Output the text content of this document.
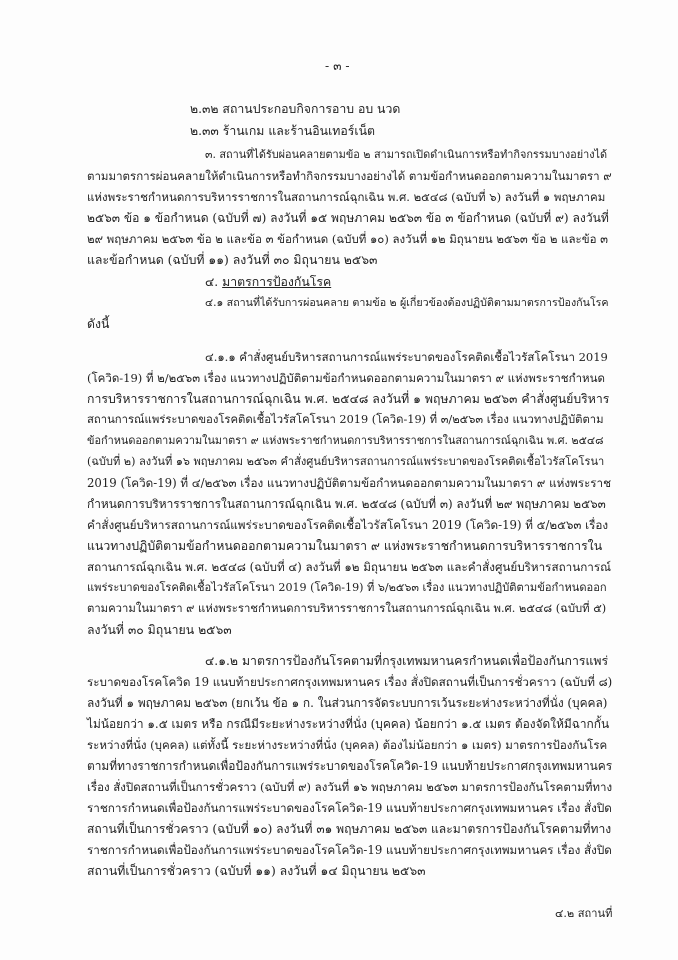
- ๓ -
๒.๓๒ สถานประกอบกิจการอาบ อบ นวด
๒.๓๓ ร้านเกม และร้านอินเทอร์เน็ต
๓. สถานที่ได้รับผ่อนคลายตามข้อ ๒ สามารถเปิดดำเนินการหรือทำกิจกรรมบางอย่างได้
ตามมาตรการผ่อนคลายให้ดำเนินการหรือทำกิจกรรมบางอย่างได้ ตามข้อกำหนดออกตามความในมาตรา ๙
แห่งพระราชกำหนดการบริหารราชการในสถานการณ์ฉุกเฉิน พ.ศ. ๒๕๔๘ (ฉบับที่ ๖) ลงวันที่ ๑ พฤษภาคม
๒๕๖๓ ข้อ ๑ ข้อกำหนด (ฉบับที่ ๗) ลงวันที่ ๑๕ พฤษภาคม ๒๕๖๓ ข้อ ๓ ข้อกำหนด (ฉบับที่ ๙) ลงวันที่
๒๙ พฤษภาคม ๒๕๖๓ ข้อ ๒ และข้อ ๓ ข้อกำหนด (ฉบับที่ ๑๐) ลงวันที่ ๑๒ มิถุนายน ๒๕๖๓ ข้อ ๒ และข้อ ๓
และข้อกำหนด (ฉบับที่ ๑๑) ลงวันที่ ๓๐ มิถุนายน ๒๕๖๓
๔. มาตรการป้องกันโรค
๔.๑ สถานที่ได้รับการผ่อนคลาย ตามข้อ ๒ ผู้เกี่ยวข้องต้องปฏิบัติตามมาตรการป้องกันโรค
ดังนี้
๔.๑.๑ คำสั่งศูนย์บริหารสถานการณ์แพร่ระบาดของโรคติดเชื้อไวรัสโคโรนา 2019
(โควิด-19) ที่ ๒/๒๕๖๓ เรื่อง แนวทางปฏิบัติตามข้อกำหนดออกตามความในมาตรา ๙ แห่งพระราชกำหนด
การบริหารราชการในสถานการณ์ฉุกเฉิน พ.ศ. ๒๕๔๘ ลงวันที่ ๑ พฤษภาคม ๒๕๖๓ คำสั่งศูนย์บริหาร
สถานการณ์แพร่ระบาดของโรคติดเชื้อไวรัสโคโรนา 2019 (โควิด-19) ที่ ๓/๒๕๖๓ เรื่อง แนวทางปฏิบัติตาม
ข้อกำหนดออกตามความในมาตรา ๙ แห่งพระราชกำหนดการบริหารราชการในสถานการณ์ฉุกเฉิน พ.ศ. ๒๕๔๘
(ฉบับที่ ๒) ลงวันที่ ๑๖ พฤษภาคม ๒๕๖๓ คำสั่งศูนย์บริหารสถานการณ์แพร่ระบาดของโรคติดเชื้อไวรัสโคโรนา
2019 (โควิด-19) ที่ ๔/๒๕๖๓ เรื่อง แนวทางปฏิบัติตามข้อกำหนดออกตามความในมาตรา ๙ แห่งพระราช
กำหนดการบริหารราชการในสถานการณ์ฉุกเฉิน พ.ศ. ๒๕๔๘ (ฉบับที่ ๓) ลงวันที่ ๒๙ พฤษภาคม ๒๕๖๓
คำสั่งศูนย์บริหารสถานการณ์แพร่ระบาดของโรคติดเชื้อไวรัสโคโรนา 2019 (โควิด-19) ที่ ๕/๒๕๖๓ เรื่อง
แนวทางปฏิบัติตามข้อกำหนดออกตามความในมาตรา ๙ แห่งพระราชกำหนดการบริหารราชการใน
สถานการณ์ฉุกเฉิน พ.ศ. ๒๕๔๘ (ฉบับที่ ๔) ลงวันที่ ๑๒ มิถุนายน ๒๕๖๓ และคำสั่งศูนย์บริหารสถานการณ์
แพร่ระบาดของโรคติดเชื้อไวรัสโคโรนา 2019 (โควิด-19) ที่ ๖/๒๕๖๓ เรื่อง แนวทางปฏิบัติตามข้อกำหนดออก
ตามความในมาตรา ๙ แห่งพระราชกำหนดการบริหารราชการในสถานการณ์ฉุกเฉิน พ.ศ. ๒๕๔๘ (ฉบับที่ ๕)
ลงวันที่ ๓๐ มิถุนายน ๒๕๖๓
๔.๑.๒ มาตรการป้องกันโรคตามที่กรุงเทพมหานครกำหนดเพื่อป้องกันการแพร่
ระบาดของโรคโควิด 19 แนบท้ายประกาศกรุงเทพมหานคร เรื่อง สั่งปิดสถานที่เป็นการชั่วคราว (ฉบับที่ ๘)
ลงวันที่ ๑ พฤษภาคม ๒๕๖๓ (ยกเว้น ข้อ ๑ ก. ในส่วนการจัดระบบการเว้นระยะห่างระหว่างที่นั่ง (บุคคล)
ไม่น้อยกว่า ๑.๕ เมตร หรือ กรณีมีระยะห่างระหว่างที่นั่ง (บุคคล) น้อยกว่า ๑.๕ เมตร ต้องจัดให้มีฉากกั้น
ระหว่างที่นั่ง (บุคคล) แต่ทั้งนี้ ระยะห่างระหว่างที่นั่ง (บุคคล) ต้องไม่น้อยกว่า ๑ เมตร) มาตรการป้องกันโรค
ตามที่ทางราชการกำหนดเพื่อป้องกันการแพร่ระบาดของโรคโควิด-19 แนบท้ายประกาศกรุงเทพมหานคร
เรื่อง สั่งปิดสถานที่เป็นการชั่วคราว (ฉบับที่ ๙) ลงวันที่ ๑๖ พฤษภาคม ๒๕๖๓ มาตรการป้องกันโรคตามที่ทาง
ราชการกำหนดเพื่อป้องกันการแพร่ระบาดของโรคโควิด-19 แนบท้ายประกาศกรุงเทพมหานคร เรื่อง สั่งปิด
สถานที่เป็นการชั่วคราว (ฉบับที่ ๑๐) ลงวันที่ ๓๑ พฤษภาคม ๒๕๖๓ และมาตรการป้องกันโรคตามที่ทาง
ราชการกำหนดเพื่อป้องกันการแพร่ระบาดของโรคโควิด-19 แนบท้ายประกาศกรุงเทพมหานคร เรื่อง สั่งปิด
สถานที่เป็นการชั่วคราว (ฉบับที่ ๑๑) ลงวันที่ ๑๔ มิถุนายน ๒๕๖๓
๔.๒ สถานที่
